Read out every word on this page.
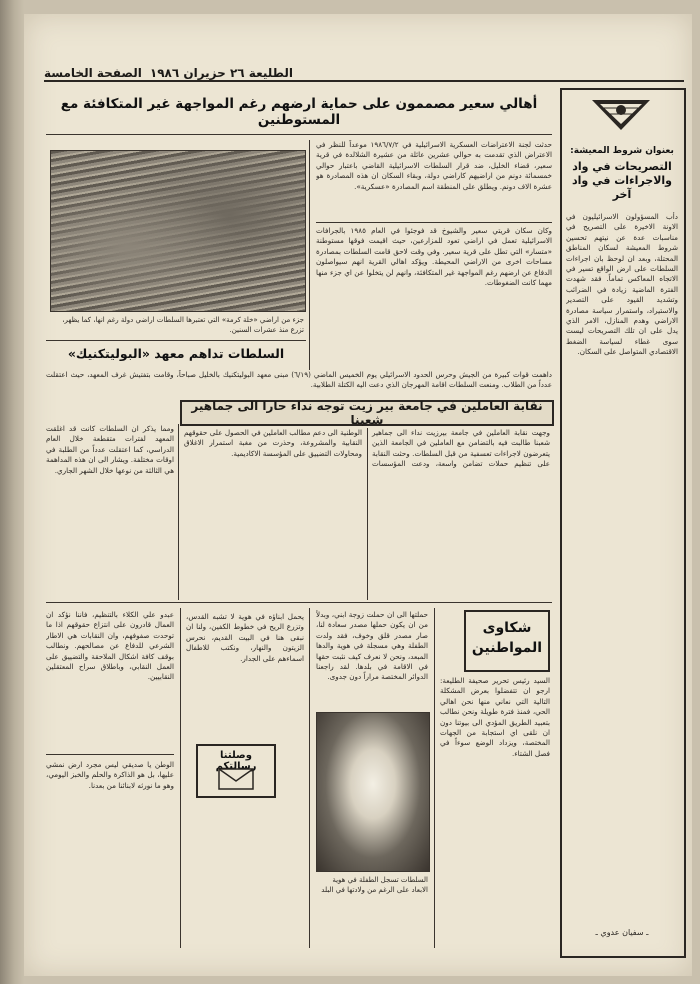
الطليعة ٢٦ حزيران ١٩٨٦
الصفحة الخامسة
بعنوان شروط المعيشة:
التصريحات في واد والاجراءات في واد آخر
دأب المسؤولون الاسرائيليون في الاونة الاخيرة على التصريح في مناسبات عدة عن نيتهم تحسين شروط المعيشة لسكان المناطق المحتلة، وبعد ان لوحظ بان اجراءات السلطات على ارض الواقع تسير في الاتجاه المعاكس تماماً. فقد شهدت الفترة الماضية زيادة في الضرائب وتشديد القيود على التصدير والاستيراد، واستمرار سياسة مصادرة الاراضي وهدم المنازل، الامر الذي يدل على ان تلك التصريحات ليست سوى غطاء لسياسة الضغط الاقتصادي المتواصل على السكان.
ـ سفيان عدوي ـ
أهالي سعير مصممون على حماية ارضهم رغم المواجهة غير المتكافئة مع المستوطنين
حدثت لجنة الاعتراضات العسكرية الاسرائيلية في ١٩٨٦/٧/٢ موعداً للنظر في الاعتراض الذي تقدمت به حوالي عشرين عائلة من عشيرة الشلالدة في قرية سعير، قضاء الخليل، ضد قرار السلطات الاسرائيلية القاضي باعتبار حوالي خمسمائة دونم من اراضيهم كاراضي دولة، وبقاء السكان ان هذه المصادرة هو عشرة الاف دونم. ويطلق على المنطقة اسم المصادرة «عسكرية».
وكان سكان قريتي سعير والشيوخ قد فوجئوا في العام ١٩٨٥ بالجرافات الاسرائيلية تعمل في اراضي تعود للمزارعين، حيث اقيمت فوقها مستوطنة «متسار» التي تطل على قرية سعير. وفي وقت لاحق قامت السلطات بمصادرة مساحات اخرى من الاراضي المحيطة. ويؤكد اهالي القرية انهم سيواصلون الدفاع عن ارضهم رغم المواجهة غير المتكافئة، وانهم لن يتخلوا عن اي جزء منها مهما كانت الضغوطات.
جزء من اراضي «خلة كرمة» التي تعتبرها السلطات اراضي دولة رغم انها، كما يظهر، تزرع منذ عشرات السنين.
السلطات تداهم معهد «البوليتكنيك»
داهمت قوات كبيرة من الجيش وحرس الحدود الاسرائيلي يوم الخميس الماضي (٦/١٩) مبنى معهد البوليتكنيك بالخليل صباحاً، وقامت بتفتيش غرف المعهد، حيث اعتقلت عدداً من الطلاب. ومنعت السلطات اقامة المهرجان الذي دعت اليه الكتلة الطلابية.
نقابة العاملين في جامعة بير زيت توجه نداء حارا الى جماهير شعبنا
ومما يذكر ان السلطات كانت قد اغلقت المعهد لفترات متقطعة خلال العام الدراسي، كما اعتقلت عدداً من الطلبة في اوقات مختلفة. ويشار الى ان هذه المداهمة هي الثالثة من نوعها خلال الشهر الجاري.
وجهت نقابة العاملين في جامعة بيرزيت نداء الى جماهير شعبنا طالبت فيه بالتضامن مع العاملين في الجامعة الذين يتعرضون لاجراءات تعسفية من قبل السلطات. وحثت النقابة على تنظيم حملات تضامن واسعة، ودعت المؤسسات الوطنية الى دعم مطالب العاملين في الحصول على حقوقهم النقابية والمشروعة، وحذرت من مغبة استمرار الاغلاق ومحاولات التضييق على المؤسسة الاكاديمية.
شكاوى المواطنين
السيد رئيس تحرير صحيفة الطليعة: ارجو ان تتفضلوا بعرض المشكلة التالية التي نعاني منها نحن اهالي الحي، فمنذ فترة طويلة ونحن نطالب بتعبيد الطريق المؤدي الى بيوتنا دون ان نلقى اي استجابة من الجهات المختصة، ويزداد الوضع سوءاً في فصل الشتاء.
حملتها الى ان حملت زوجة ابني، وبدلاً من ان يكون حملها مصدر سعادة لنا، صار مصدر قلق وخوف، فقد ولدت الطفلة وهي مسجلة في هوية والدها المبعد، ونحن لا نعرف كيف نثبت حقها في الاقامة في بلدها. لقد راجعنا الدوائر المختصة مراراً دون جدوى.
السلطات تسجل الطفلة في هوية الابعاد على الرغم من ولادتها في البلد
يحمل ابناؤه في هوية لا تشبه القدس، وتزرع الريح في خطوط الكفين، ولنا ان نبقى هنا في البيت القديم، نحرس الزيتون والنهار، ونكتب للاطفال اسماءهم على الجدار.
وصلتنا رسالتكم
عبدو علي الكلاء بالتنظيم، فاننا نؤكد ان العمال قادرون على انتزاع حقوقهم اذا ما توحدت صفوفهم، وان النقابات هي الاطار الشرعي للدفاع عن مصالحهم. ونطالب بوقف كافة اشكال الملاحقة والتضييق على العمل النقابي، وباطلاق سراح المعتقلين النقابيين.
الوطن يا صديقي ليس مجرد ارض نمشي عليها، بل هو الذاكرة والحلم والخبز اليومي، وهو ما نورثه لابنائنا من بعدنا.
